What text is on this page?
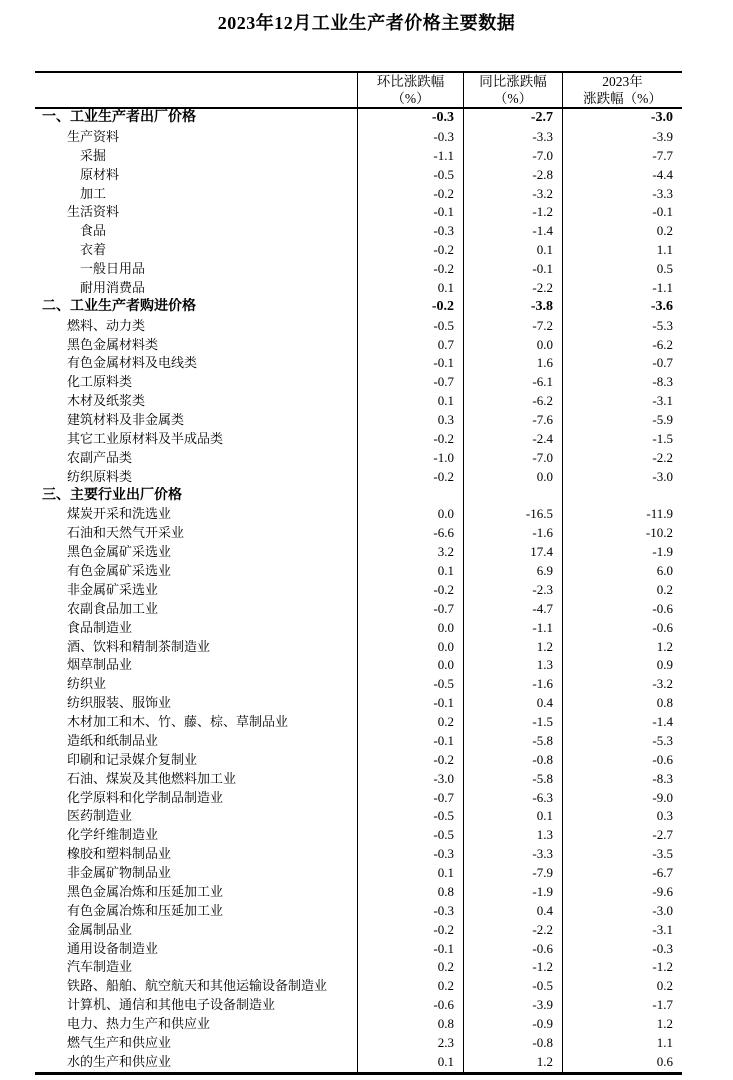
2023年12月工业生产者价格主要数据
环比涨跌幅
（%）
同比涨跌幅
（%）
2023年
涨跌幅（%）
一、工业生产者出厂价格	-0.3	-2.7	-3.0
生产资料	-0.3	-3.3	-3.9
采掘	-1.1	-7.0	-7.7
原材料	-0.5	-2.8	-4.4
加工	-0.2	-3.2	-3.3
生活资料	-0.1	-1.2	-0.1
食品	-0.3	-1.4	0.2
衣着	-0.2	0.1	1.1
一般日用品	-0.2	-0.1	0.5
耐用消费品	0.1	-2.2	-1.1
二、工业生产者购进价格	-0.2	-3.8	-3.6
燃料、动力类	-0.5	-7.2	-5.3
黑色金属材料类	0.7	0.0	-6.2
有色金属材料及电线类	-0.1	1.6	-0.7
化工原料类	-0.7	-6.1	-8.3
木材及纸浆类	0.1	-6.2	-3.1
建筑材料及非金属类	0.3	-7.6	-5.9
其它工业原材料及半成品类	-0.2	-2.4	-1.5
农副产品类	-1.0	-7.0	-2.2
纺织原料类	-0.2	0.0	-3.0
三、主要行业出厂价格
煤炭开采和洗选业	0.0	-16.5	-11.9
石油和天然气开采业	-6.6	-1.6	-10.2
黑色金属矿采选业	3.2	17.4	-1.9
有色金属矿采选业	0.1	6.9	6.0
非金属矿采选业	-0.2	-2.3	0.2
农副食品加工业	-0.7	-4.7	-0.6
食品制造业	0.0	-1.1	-0.6
酒、饮料和精制茶制造业	0.0	1.2	1.2
烟草制品业	0.0	1.3	0.9
纺织业	-0.5	-1.6	-3.2
纺织服装、服饰业	-0.1	0.4	0.8
木材加工和木、竹、藤、棕、草制品业	0.2	-1.5	-1.4
造纸和纸制品业	-0.1	-5.8	-5.3
印刷和记录媒介复制业	-0.2	-0.8	-0.6
石油、煤炭及其他燃料加工业	-3.0	-5.8	-8.3
化学原料和化学制品制造业	-0.7	-6.3	-9.0
医药制造业	-0.5	0.1	0.3
化学纤维制造业	-0.5	1.3	-2.7
橡胶和塑料制品业	-0.3	-3.3	-3.5
非金属矿物制品业	0.1	-7.9	-6.7
黑色金属冶炼和压延加工业	0.8	-1.9	-9.6
有色金属冶炼和压延加工业	-0.3	0.4	-3.0
金属制品业	-0.2	-2.2	-3.1
通用设备制造业	-0.1	-0.6	-0.3
汽车制造业	0.2	-1.2	-1.2
铁路、船舶、航空航天和其他运输设备制造业	0.2	-0.5	0.2
计算机、通信和其他电子设备制造业	-0.6	-3.9	-1.7
电力、热力生产和供应业	0.8	-0.9	1.2
燃气生产和供应业	2.3	-0.8	1.1
水的生产和供应业	0.1	1.2	0.6
